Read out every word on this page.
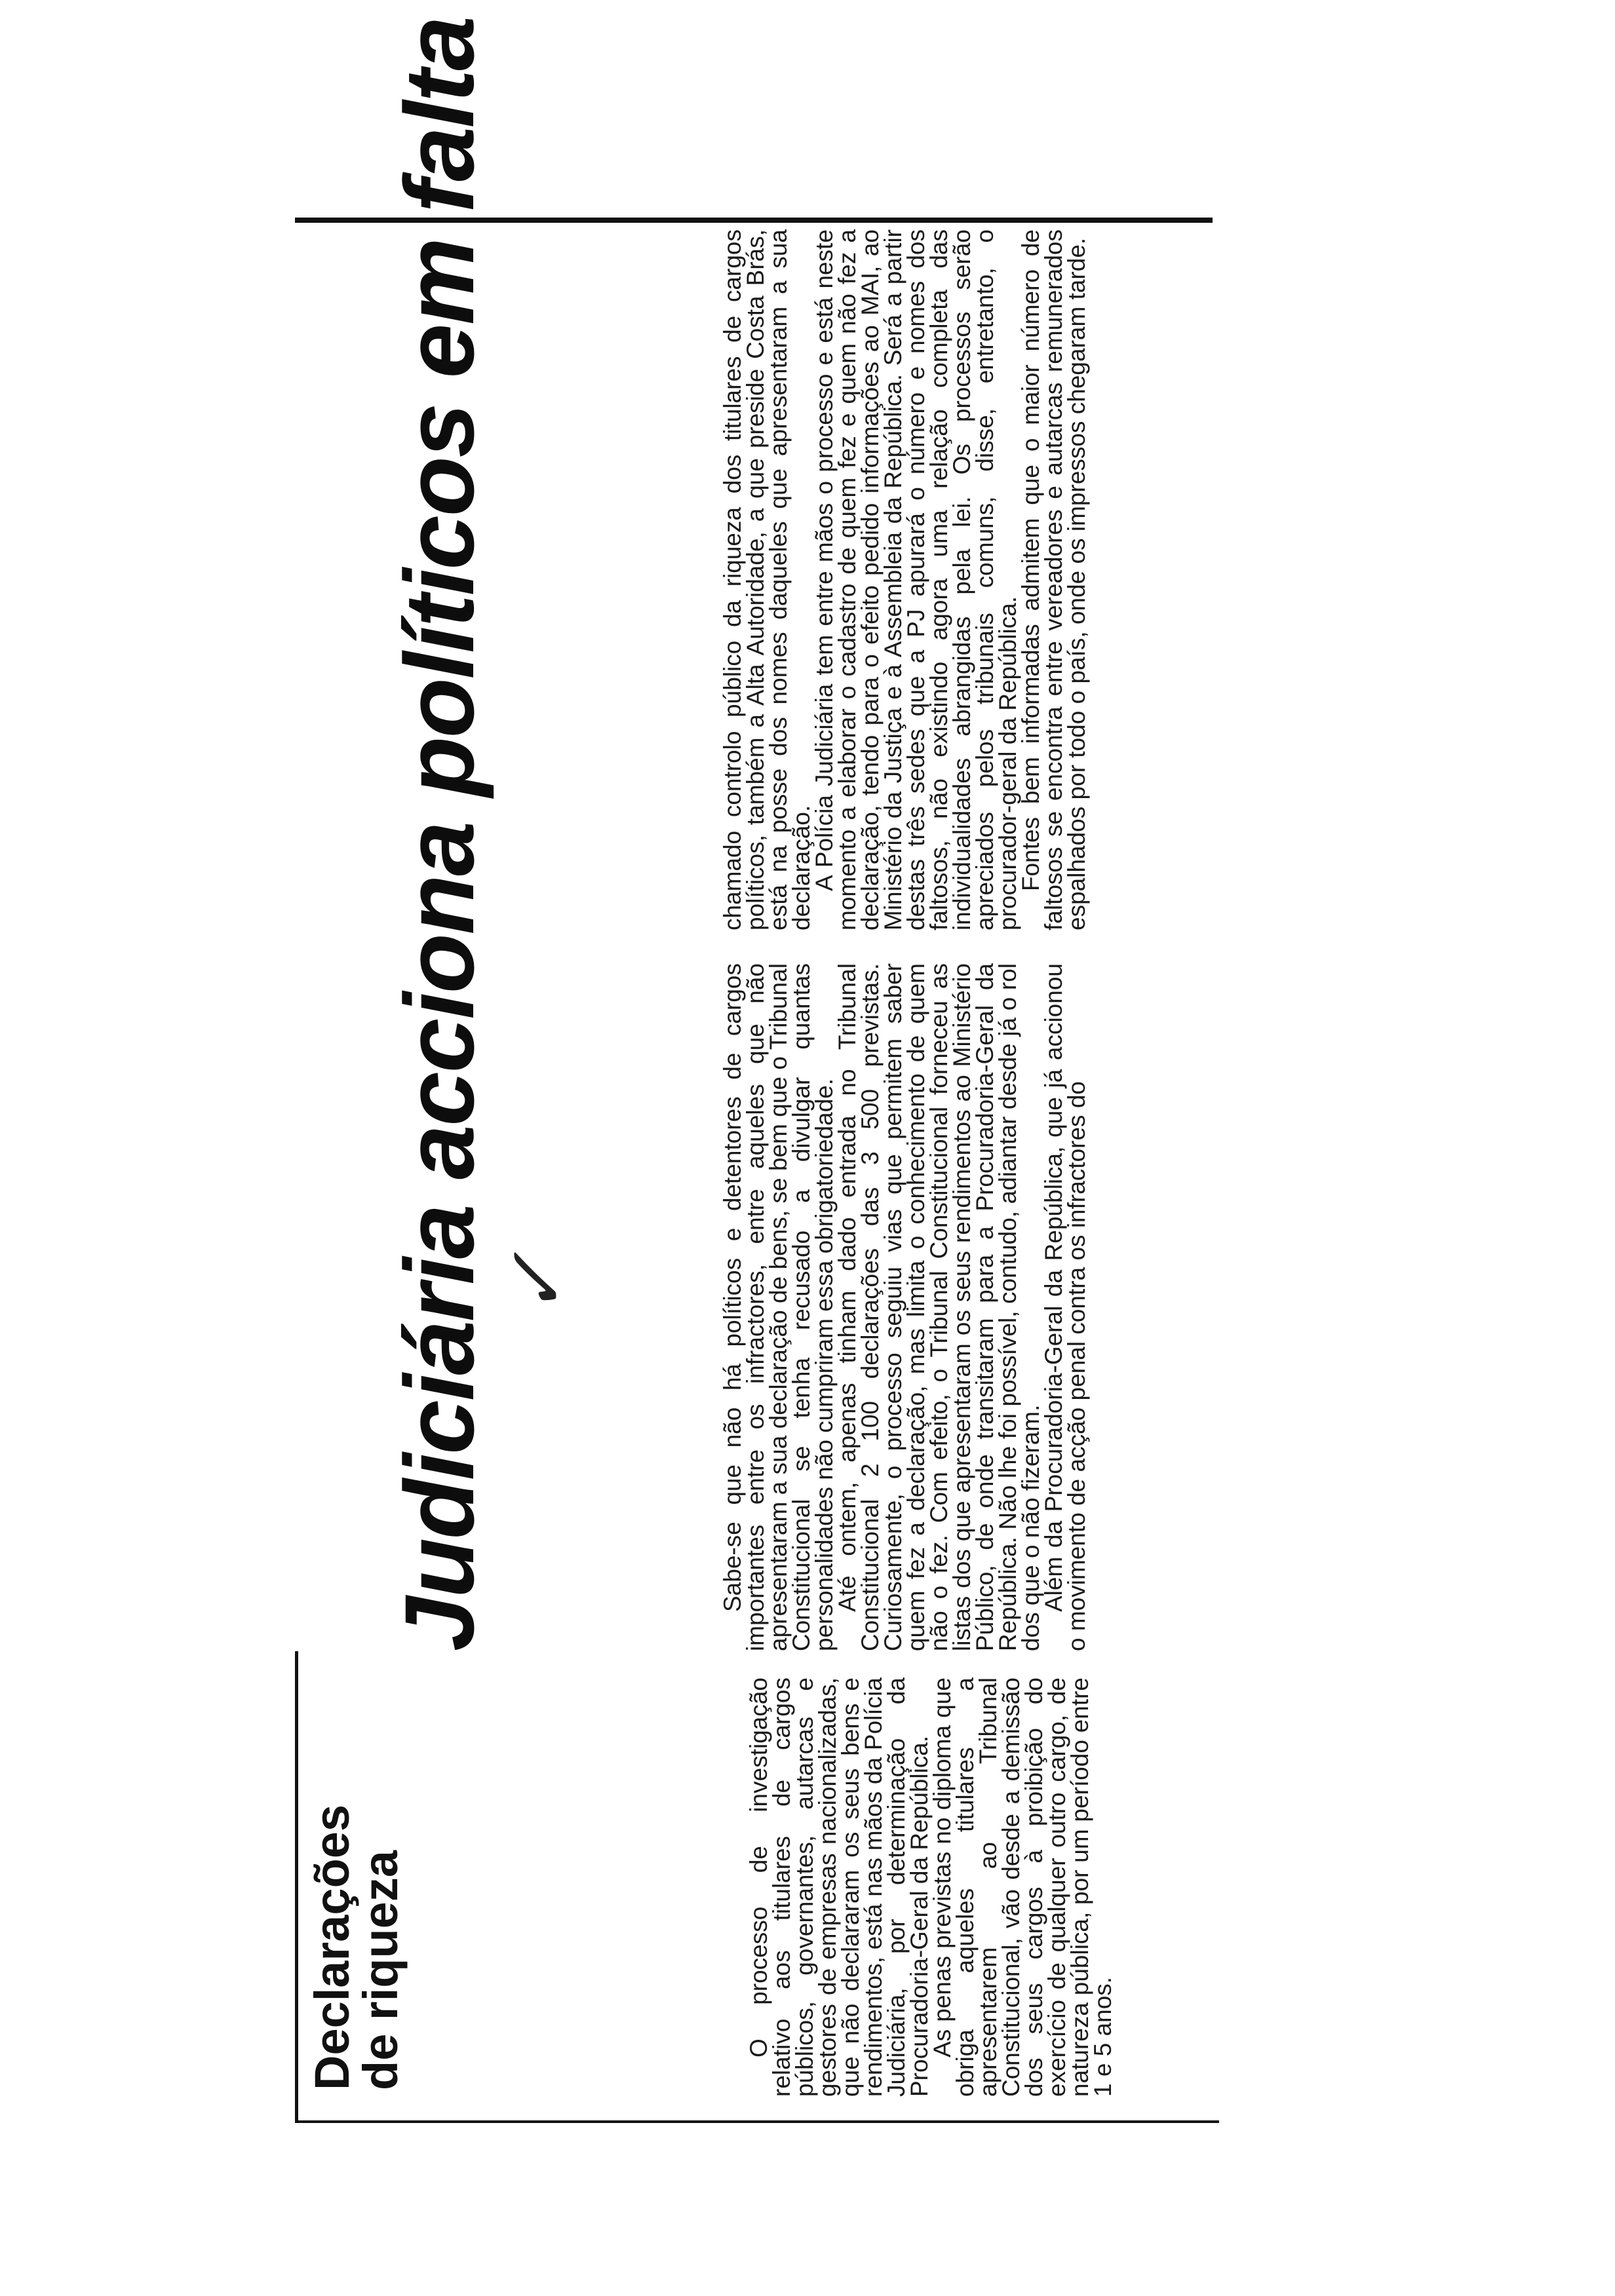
Declarações
de riqueza
Judiciária acciona políticos em falta
✓

O processo de investigação relativo aos titulares de cargos públicos, governantes, autarcas e gestores de empresas nacionalizadas, que não declararam os seus bens e rendimentos, está nas mãos da Polícia Judiciária, por determinação da Procuradoria-Geral da República.

As penas previstas no diploma que obriga aqueles titulares a apresentarem ao Tribunal Constitucional, vão desde a demissão dos seus cargos à proibição do exercício de qualquer outro cargo, de natureza pública, por um período entre 1 e 5 anos.

Sabe-se que não há políticos e detentores de cargos importantes entre os infractores, entre aqueles que não apresentaram a sua declaração de bens, se bem que o Tribunal Constitucional se tenha recusado a divulgar quantas personalidades não cumpriram essa obrigatoriedade.

Até ontem, apenas tinham dado entrada no Tribunal Constitucional 2 100 declarações das 3 500 previstas. Curiosamente, o processo seguiu vias que permitem saber quem fez a declaração, mas limita o conhecimento de quem não o fez. Com efeito, o Tribunal Constitucional forneceu as listas dos que apresentaram os seus rendimentos ao Ministério Público, de onde transitaram para a Procuradoria-Geral da República. Não lhe foi possível, contudo, adiantar desde já o rol dos que o não fizeram.

Além da Procuradoria-Geral da República, que já accionou o movimento de acção penal contra os infractores do

chamado controlo público da riqueza dos titulares de cargos políticos, também a Alta Autoridade, a que preside Costa Brás, está na posse dos nomes daqueles que apresentaram a sua declaração.

A Polícia Judiciária tem entre mãos o processo e está neste momento a elaborar o cadastro de quem fez e quem não fez a declaração, tendo para o efeito pedido informações ao MAI, ao Ministério da Justiça e à Assembleia da República. Será a partir destas três sedes que a PJ apurará o número e nomes dos faltosos, não existindo agora uma relação completa das individualidades abrangidas pela lei. Os processos serão apreciados pelos tribunais comuns, disse, entretanto, o procurador-geral da República.

Fontes bem informadas admitem que o maior número de faltosos se encontra entre vereadores e autarcas remunerados espalhados por todo o país, onde os impressos chegaram tarde.
